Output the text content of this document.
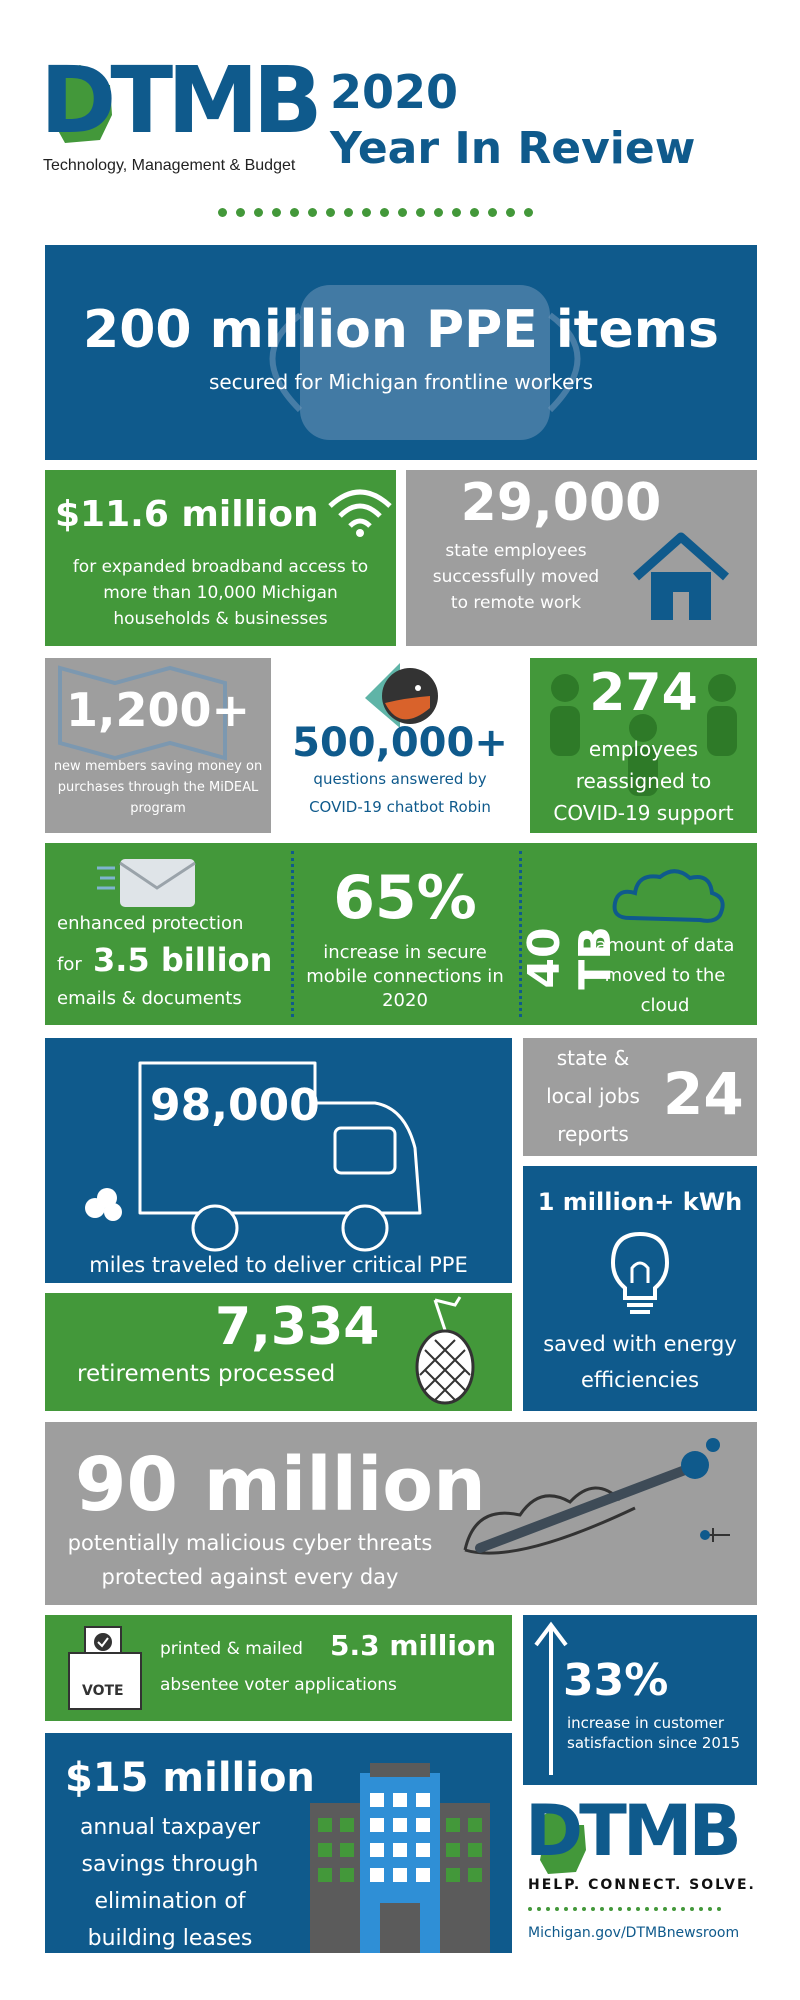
DTMB
Technology, Management & Budget
2020
Year In Review
200 million PPE items
secured for Michigan frontline workers
$11.6 million
for expanded broadband access to more than 10,000 Michigan households & businesses
29,000
state employees successfully moved to remote work
1,200+
new members saving money on purchases through the MiDEAL program
500,000+
questions answered by
COVID-19 chatbot Robin
274
employees reassigned to COVID-19 support
enhanced protection
for 3.5 billion
emails & documents
65%
increase in secure mobile connections in 2020
40 TB
amount of data moved to the cloud
98,000
miles traveled to deliver critical PPE
state &
local jobs
reports
24
1 million+ kWh
saved with energy efficiencies
7,334
retirements processed
90 million
potentially malicious cyber threats protected against every day
VOTE
printed & mailed 5.3 million
absentee voter applications	33%
increase in customer satisfaction since 2015
$15 million
annual taxpayer savings through elimination of building leases
DTMB
HELP. CONNECT. SOLVE.
Michigan.gov/DTMBnewsroom
